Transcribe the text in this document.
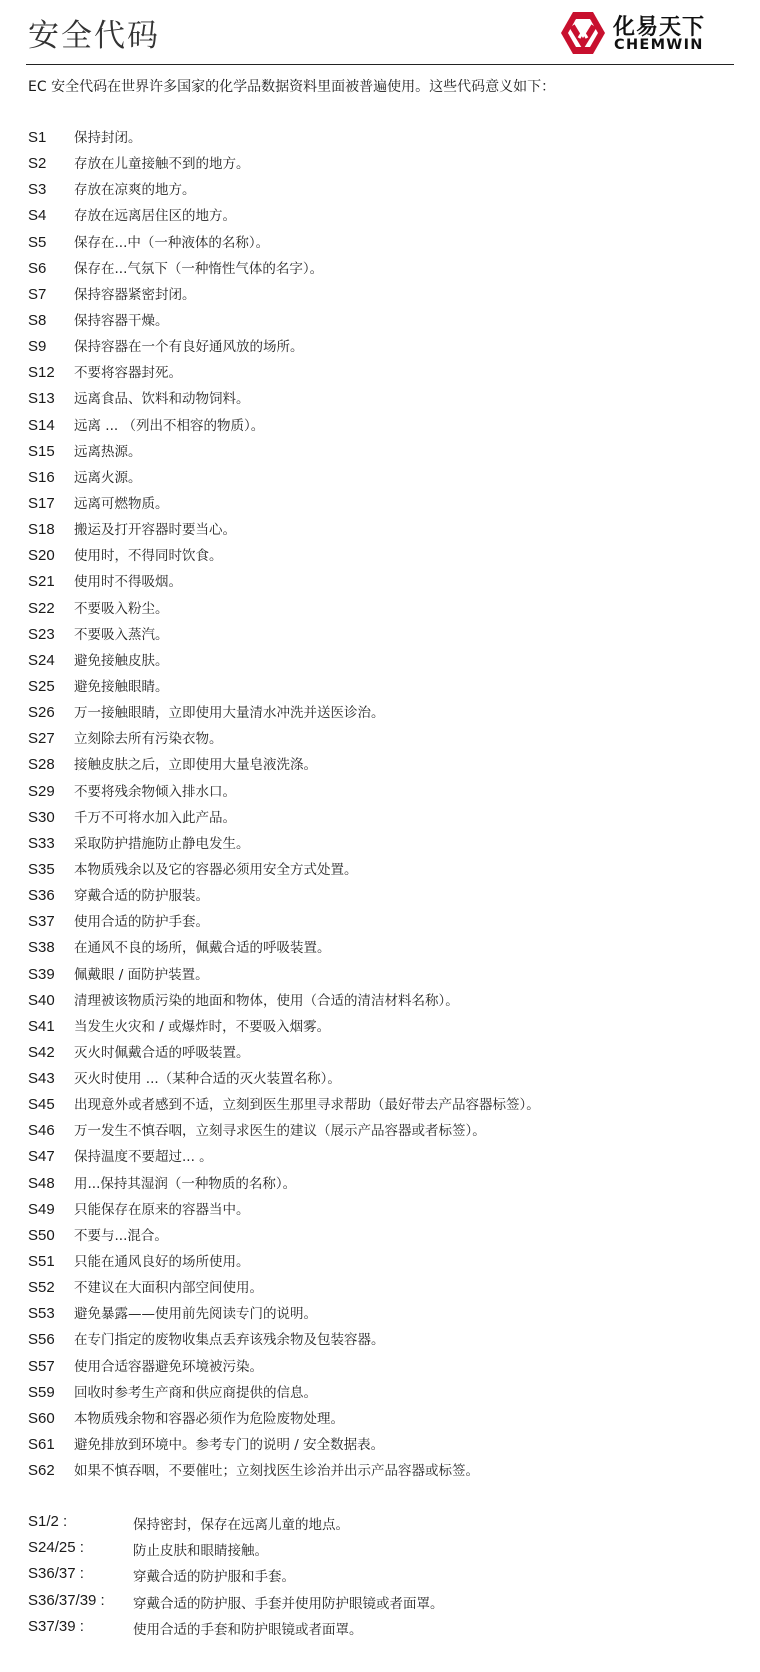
安全代码	化易天下
CHEMWIN
EC 安全代码在世界许多国家的化学品数据资料里面被普遍使用。这些代码意义如下：
S1	保持封闭。
S2	存放在儿童接触不到的地方。
S3	存放在凉爽的地方。
S4	存放在远离居住区的地方。
S5	保存在...中（一种液体的名称）。
S6	保存在...气氛下（一种惰性气体的名字）。
S7	保持容器紧密封闭。
S8	保持容器干燥。
S9	保持容器在一个有良好通风放的场所。
S12	不要将容器封死。
S13	远离食品、饮料和动物饲料。
S14	远离 ... （列出不相容的物质）。
S15	远离热源。
S16	远离火源。
S17	远离可燃物质。
S18	搬运及打开容器时要当心。
S20	使用时，不得同时饮食。
S21	使用时不得吸烟。
S22	不要吸入粉尘。
S23	不要吸入蒸汽。
S24	避免接触皮肤。
S25	避免接触眼睛。
S26	万一接触眼睛，立即使用大量清水冲洗并送医诊治。
S27	立刻除去所有污染衣物。
S28	接触皮肤之后，立即使用大量皂液洗涤。
S29	不要将残余物倾入排水口。
S30	千万不可将水加入此产品。
S33	采取防护措施防止静电发生。
S35	本物质残余以及它的容器必须用安全方式处置。
S36	穿戴合适的防护服装。
S37	使用合适的防护手套。
S38	在通风不良的场所，佩戴合适的呼吸装置。
S39	佩戴眼 / 面防护装置。
S40	清理被该物质污染的地面和物体，使用（合适的清洁材料名称）。
S41	当发生火灾和 / 或爆炸时，不要吸入烟雾。
S42	灭火时佩戴合适的呼吸装置。
S43	灭火时使用 ...（某种合适的灭火装置名称）。
S45	出现意外或者感到不适，立刻到医生那里寻求帮助（最好带去产品容器标签）。
S46	万一发生不慎吞咽，立刻寻求医生的建议（展示产品容器或者标签）。
S47	保持温度不要超过... 。
S48	用...保持其湿润（一种物质的名称）。
S49	只能保存在原来的容器当中。
S50	不要与...混合。
S51	只能在通风良好的场所使用。
S52	不建议在大面积内部空间使用。
S53	避免暴露——使用前先阅读专门的说明。
S56	在专门指定的废物收集点丢弃该残余物及包装容器。
S57	使用合适容器避免环境被污染。
S59	回收时参考生产商和供应商提供的信息。
S60	本物质残余物和容器必须作为危险废物处理。
S61	避免排放到环境中。参考专门的说明 / 安全数据表。
S62	如果不慎吞咽，不要催吐；立刻找医生诊治并出示产品容器或标签。
S1/2 :	保持密封，保存在远离儿童的地点。
S24/25 :	防止皮肤和眼睛接触。
S36/37 :	穿戴合适的防护服和手套。
S36/37/39 :	穿戴合适的防护服、手套并使用防护眼镜或者面罩。
S37/39 :	使用合适的手套和防护眼镜或者面罩。
